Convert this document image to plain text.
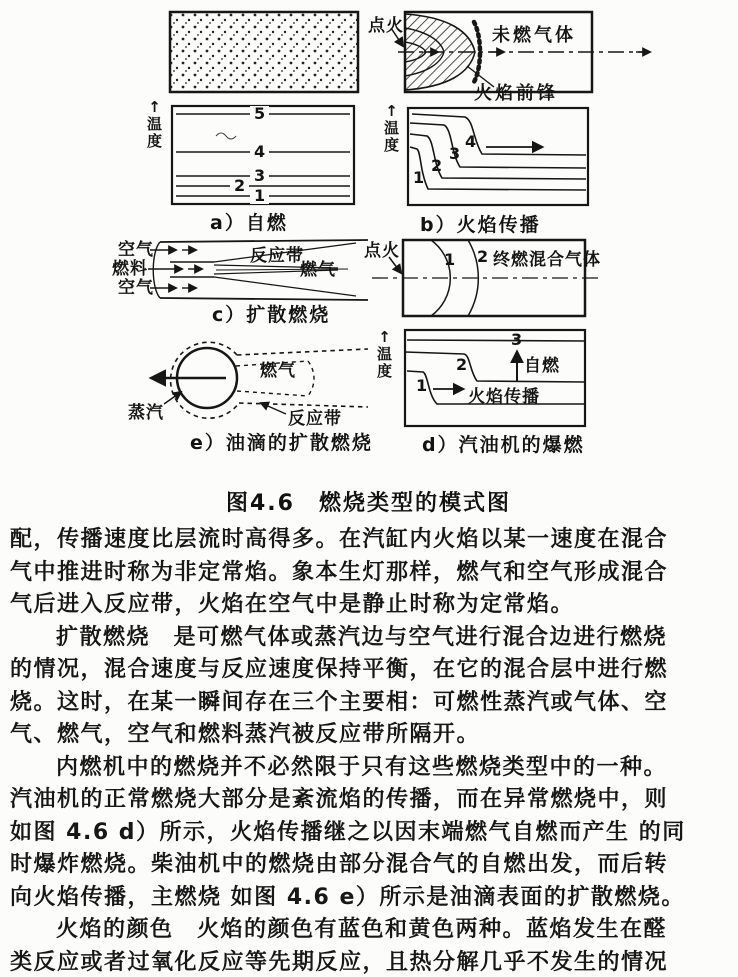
点火	未燃气体
火焰前锋
↑
温度
5
4
3
2
1
a）自燃
↑
温度
1
2
3
4
b）火焰传播
空气
燃料
空气
反应带
燃气
c）扩散燃烧
点火	1 2 终燃混合气体
蒸汽
燃气
反应带
e）油滴的扩散燃烧
↑
温度
1
2
3
火焰传播
自燃
d）汽油机的爆燃
图4.6　燃烧类型的模式图
配，传播速度比层流时高得多。在汽缸内火焰以某一速度在混合
气中推进时称为非定常焰。象本生灯那样，燃气和空气形成混合
气后进入反应带，火焰在空气中是静止时称为定常焰。
扩散燃烧　是可燃气体或蒸汽边与空气进行混合边进行燃烧
的情况，混合速度与反应速度保持平衡，在它的混合层中进行燃
烧。这时，在某一瞬间存在三个主要相：可燃性蒸汽或气体、空
气、燃气，空气和燃料蒸汽被反应带所隔开。
内燃机中的燃烧并不必然限于只有这些燃烧类型中的一种。
汽油机的正常燃烧大部分是紊流焰的传播，而在异常燃烧中，则
如图 4.6 d）所示，火焰传播继之以因末端燃气自燃而产生 的同
时爆炸燃烧。柴油机中的燃烧由部分混合气的自燃出发，而后转
向火焰传播，主燃烧 如图 4.6 e）所示是油滴表面的扩散燃烧。
火焰的颜色　火焰的颜色有蓝色和黄色两种。蓝焰发生在醛
类反应或者过氧化反应等先期反应，且热分解几乎不发生的情况
